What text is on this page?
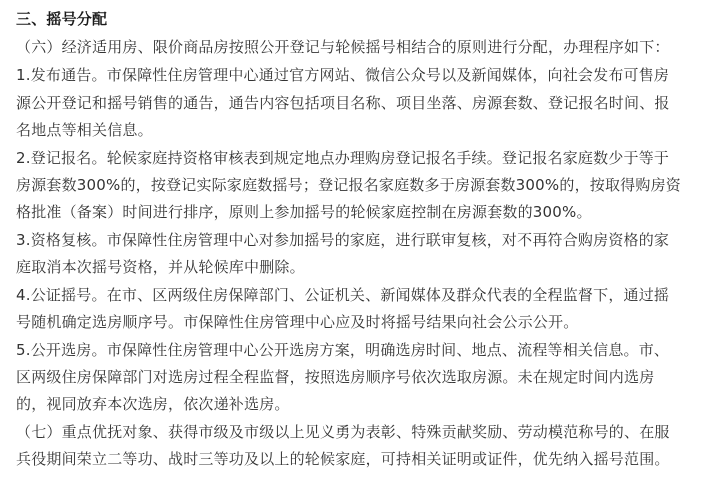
三、摇号分配
（六）经济适用房、限价商品房按照公开登记与轮候摇号相结合的原则进行分配，办理程序如下：
1.发布通告。市保障性住房管理中心通过官方网站、微信公众号以及新闻媒体，向社会发布可售房
源公开登记和摇号销售的通告，通告内容包括项目名称、项目坐落、房源套数、登记报名时间、报
名地点等相关信息。
2.登记报名。轮候家庭持资格审核表到规定地点办理购房登记报名手续。登记报名家庭数少于等于
房源套数300%的，按登记实际家庭数摇号；登记报名家庭数多于房源套数300%的，按取得购房资
格批准（备案）时间进行排序，原则上参加摇号的轮候家庭控制在房源套数的300%。
3.资格复核。市保障性住房管理中心对参加摇号的家庭，进行联审复核，对不再符合购房资格的家
庭取消本次摇号资格，并从轮候库中删除。
4.公证摇号。在市、区两级住房保障部门、公证机关、新闻媒体及群众代表的全程监督下，通过摇
号随机确定选房顺序号。市保障性住房管理中心应及时将摇号结果向社会公示公开。
5.公开选房。市保障性住房管理中心公开选房方案，明确选房时间、地点、流程等相关信息。市、
区两级住房保障部门对选房过程全程监督，按照选房顺序号依次选取房源。未在规定时间内选房
的，视同放弃本次选房，依次递补选房。
（七）重点优抚对象、获得市级及市级以上见义勇为表彰、特殊贡献奖励、劳动模范称号的、在服
兵役期间荣立二等功、战时三等功及以上的轮候家庭，可持相关证明或证件，优先纳入摇号范围。
